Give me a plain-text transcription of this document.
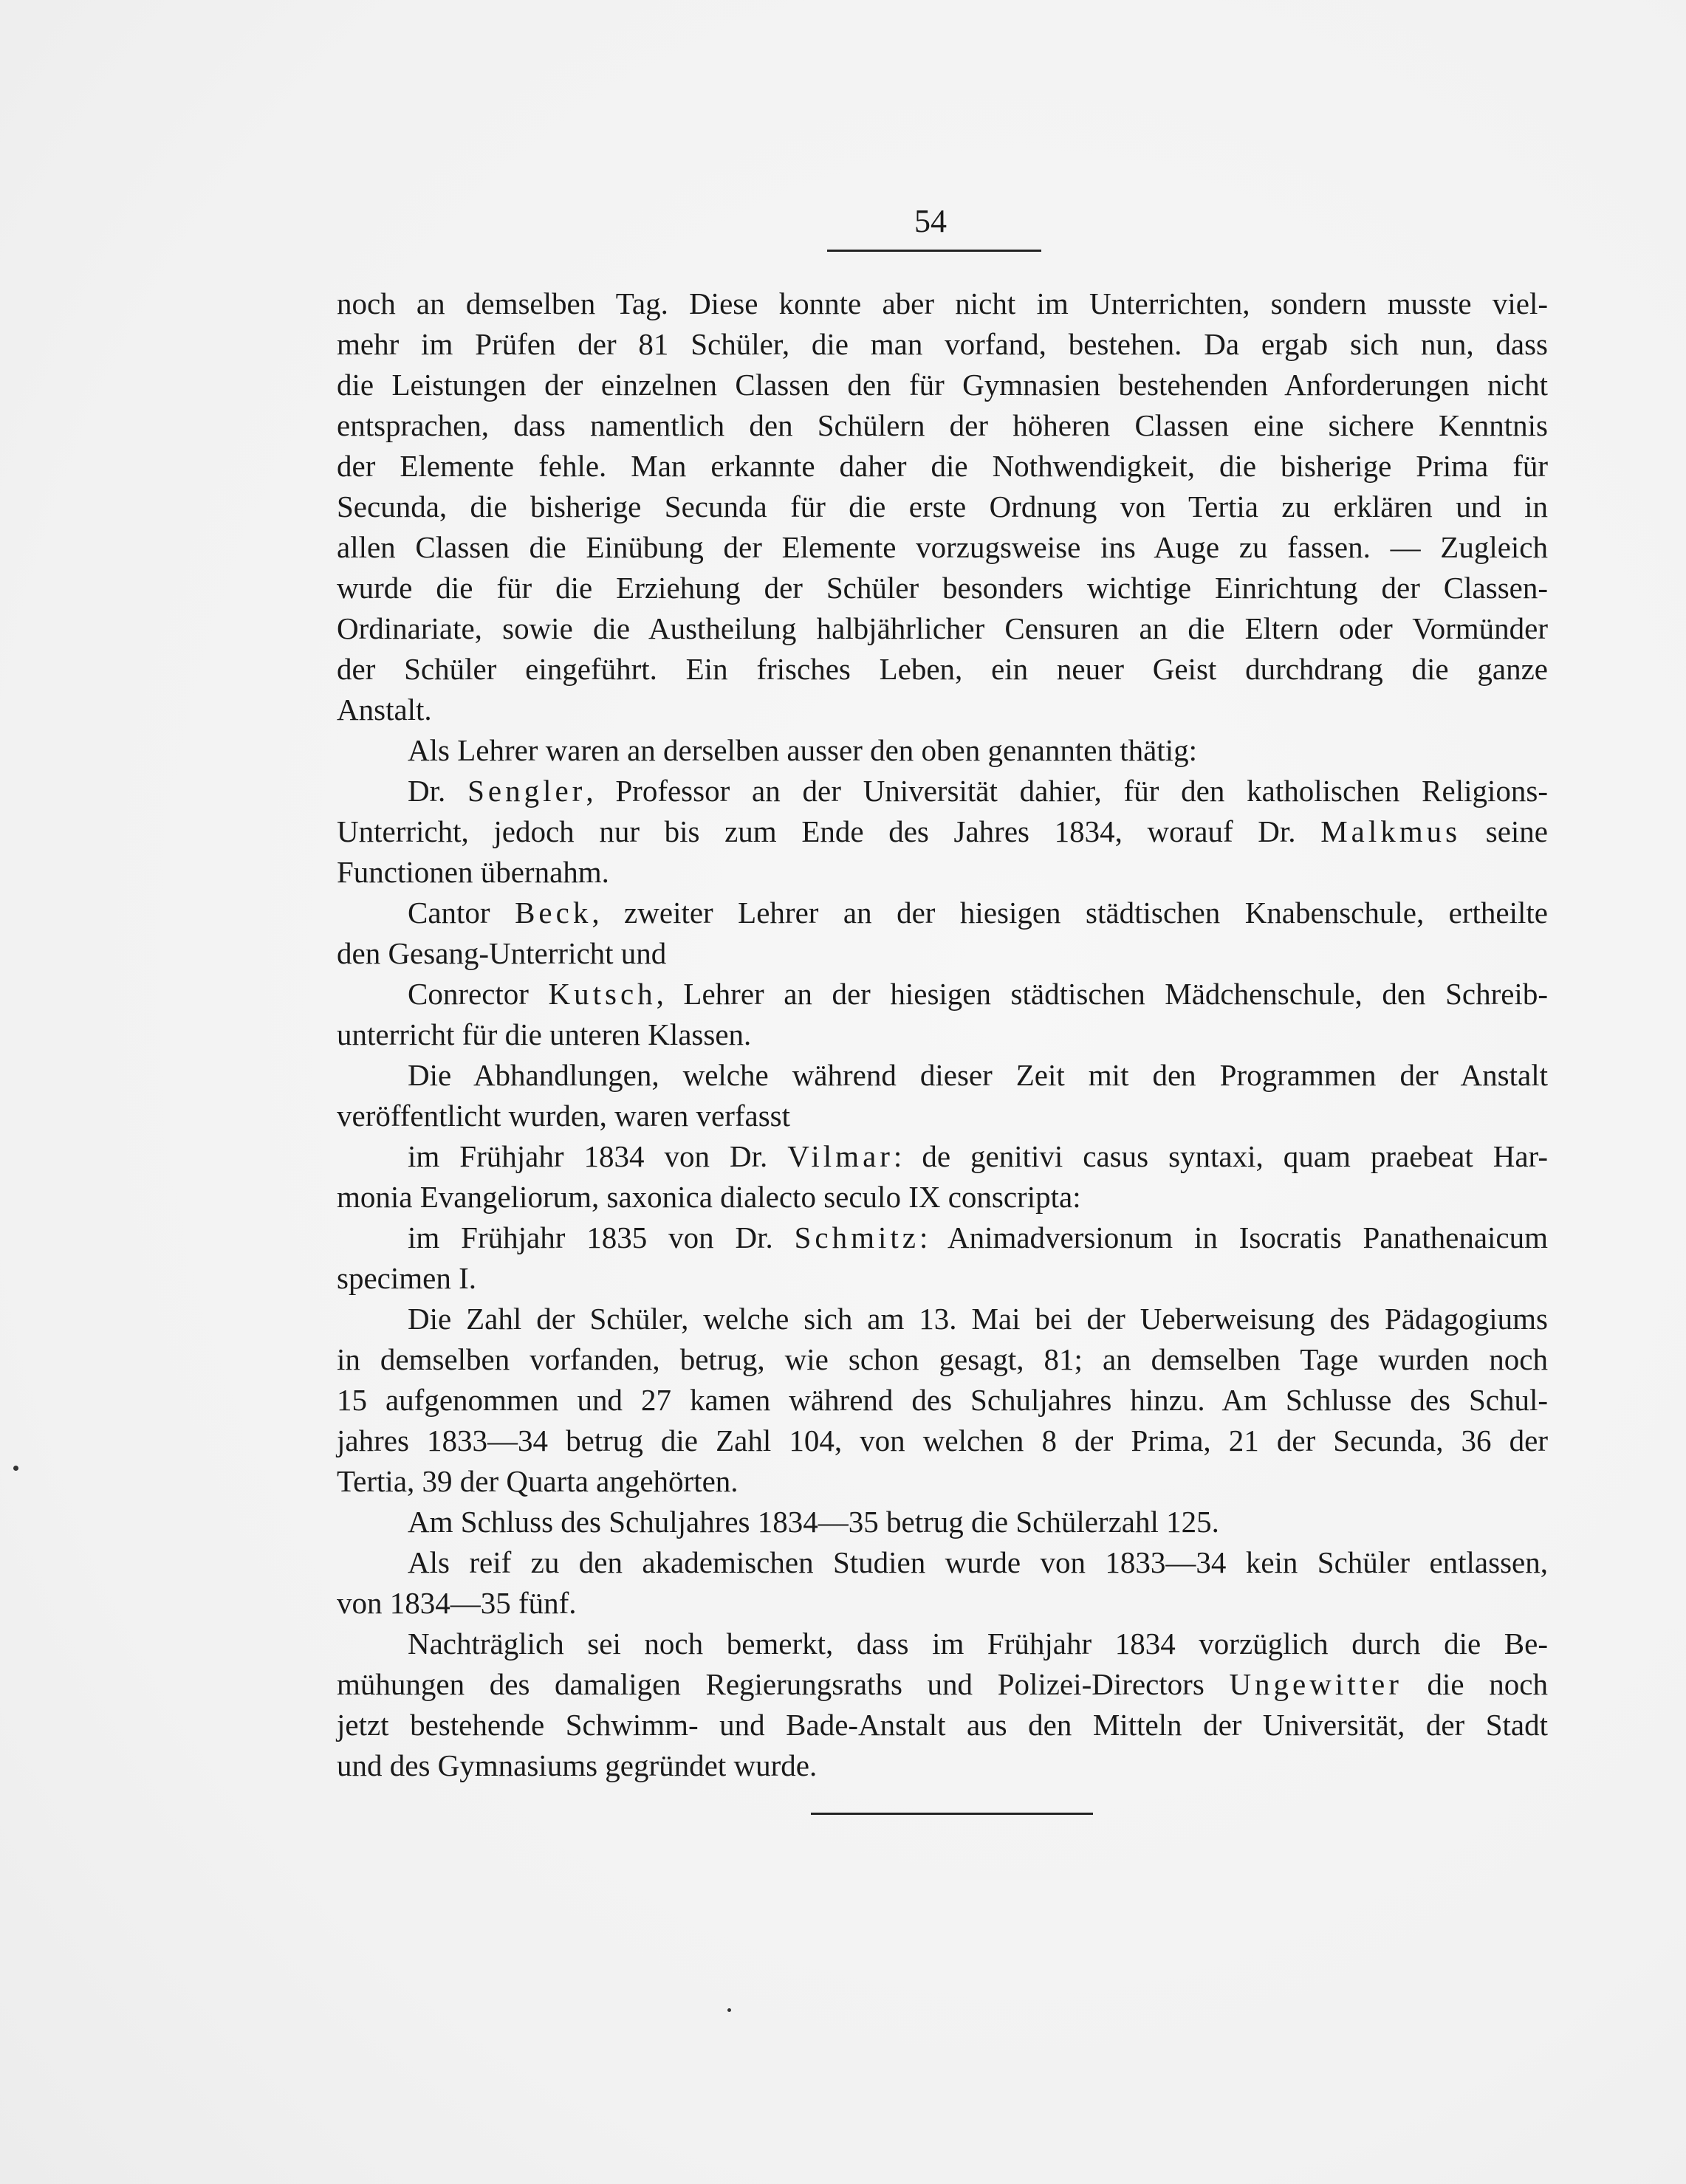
54
noch an demselben Tag. Diese konnte aber nicht im Unterrichten, sondern musste viel-
mehr im Prüfen der 81 Schüler, die man vorfand, bestehen. Da ergab sich nun, dass
die Leistungen der einzelnen Classen den für Gymnasien bestehenden Anforderungen nicht
entsprachen, dass namentlich den Schülern der höheren Classen eine sichere Kenntnis
der Elemente fehle. Man erkannte daher die Nothwendigkeit, die bisherige Prima für
Secunda, die bisherige Secunda für die erste Ordnung von Tertia zu erklären und in
allen Classen die Einübung der Elemente vorzugsweise ins Auge zu fassen. — Zugleich
wurde die für die Erziehung der Schüler besonders wichtige Einrichtung der Classen-
Ordinariate, sowie die Austheilung halbjährlicher Censuren an die Eltern oder Vormünder
der Schüler eingeführt. Ein frisches Leben, ein neuer Geist durchdrang die ganze
Anstalt.
Als Lehrer waren an derselben ausser den oben genannten thätig:
Dr. Sengler, Professor an der Universität dahier, für den katholischen Religions-
Unterricht, jedoch nur bis zum Ende des Jahres 1834, worauf Dr. Malkmus seine
Functionen übernahm.
Cantor Beck, zweiter Lehrer an der hiesigen städtischen Knabenschule, ertheilte
den Gesang-Unterricht und
Conrector Kutsch, Lehrer an der hiesigen städtischen Mädchenschule, den Schreib-
unterricht für die unteren Klassen.
Die Abhandlungen, welche während dieser Zeit mit den Programmen der Anstalt
veröffentlicht wurden, waren verfasst
im Frühjahr 1834 von Dr. Vilmar: de genitivi casus syntaxi, quam praebeat Har-
monia Evangeliorum, saxonica dialecto seculo IX conscripta:
im Frühjahr 1835 von Dr. Schmitz: Animadversionum in Isocratis Panathenaicum
specimen I.
Die Zahl der Schüler, welche sich am 13. Mai bei der Ueberweisung des Pädagogiums
in demselben vorfanden, betrug, wie schon gesagt, 81; an demselben Tage wurden noch
15 aufgenommen und 27 kamen während des Schuljahres hinzu. Am Schlusse des Schul-
jahres 1833—34 betrug die Zahl 104, von welchen 8 der Prima, 21 der Secunda, 36 der
Tertia, 39 der Quarta angehörten.
Am Schluss des Schuljahres 1834—35 betrug die Schülerzahl 125.
Als reif zu den akademischen Studien wurde von 1833—34 kein Schüler entlassen,
von 1834—35 fünf.
Nachträglich sei noch bemerkt, dass im Frühjahr 1834 vorzüglich durch die Be-
mühungen des damaligen Regierungsraths und Polizei-Directors Ungewitter die noch
jetzt bestehende Schwimm- und Bade-Anstalt aus den Mitteln der Universität, der Stadt
und des Gymnasiums gegründet wurde.
